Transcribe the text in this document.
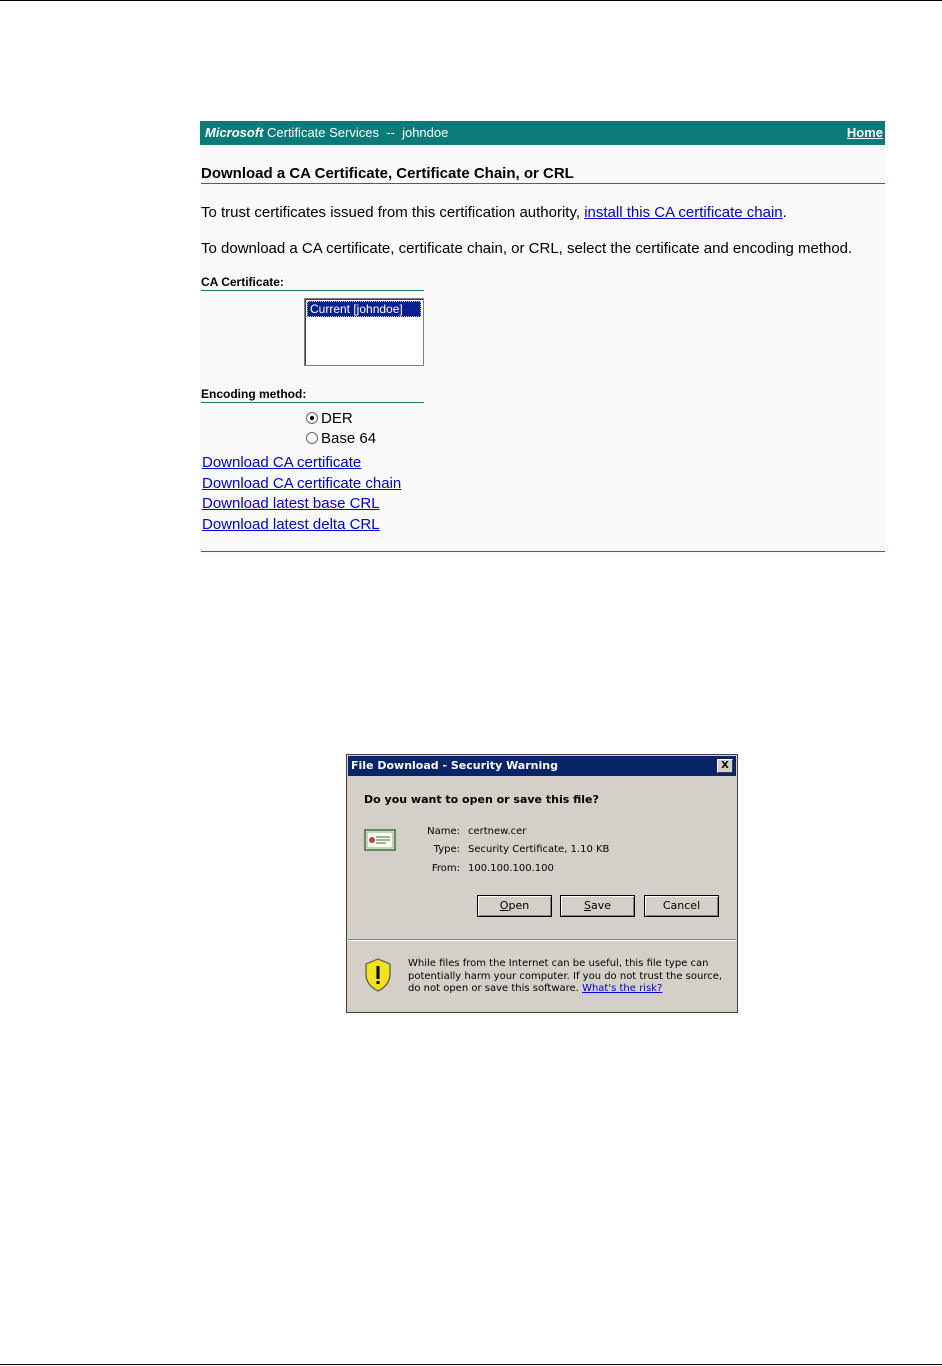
Microsoft Certificate Services  --  johndoe	Home
Download a CA Certificate, Certificate Chain, or CRL
To trust certificates issued from this certification authority, install this CA certificate chain.
To download a CA certificate, certificate chain, or CRL, select the certificate and encoding method.
CA Certificate:
Current [johndoe]
Encoding method:
DER
Base 64
Download CA certificate
Download CA certificate chain
Download latest base CRL
Download latest delta CRL
File Download - Security Warning	X
Do you want to open or save this file?
Name: certnew.cer
Type: Security Certificate, 1.10 KB
From: 100.100.100.100
Open	Save	Cancel
While files from the Internet can be useful, this file type can potentially harm your computer. If you do not trust the source, do not open or save this software. What's the risk?
